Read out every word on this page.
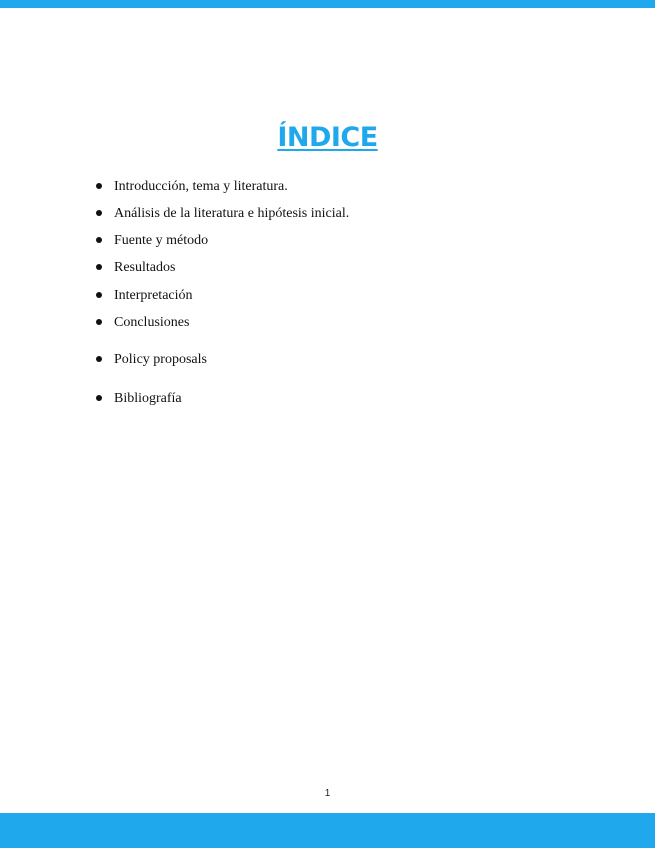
ÍNDICE
Introducción, tema y literatura.
Análisis de la literatura e hipótesis inicial.
Fuente y método
Resultados
Interpretación
Conclusiones
Policy proposals
Bibliografía
1
